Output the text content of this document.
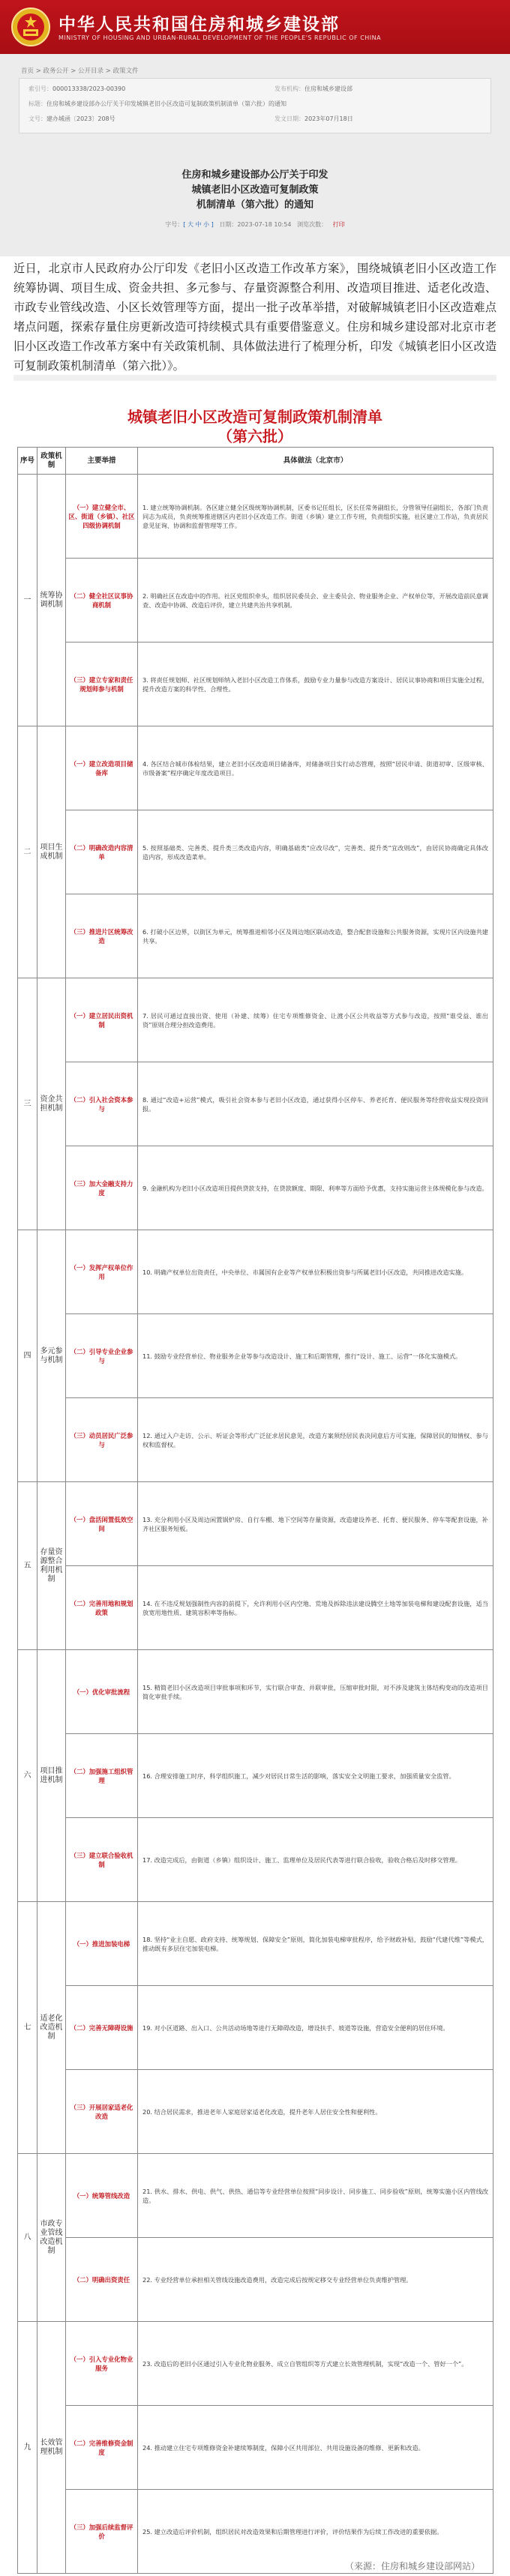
中华人民共和国住房和城乡建设部
MINISTRY OF HOUSING AND URBAN-RURAL DEVELOPMENT OF THE PEOPLE'S REPUBLIC OF CHINA
首页 > 政务公开 > 公开目录 > 政策文件
索引号：000013338/2023-00390	发布机构：住房和城乡建设部
标题：住房和城乡建设部办公厅关于印发城镇老旧小区改造可复制政策机制清单（第六批）的通知
文号：建办城函〔2023〕208号	发文日期：2023年07月18日
住房和城乡建设部办公厅关于印发
城镇老旧小区改造可复制政策
机制清单（第六批）的通知
字号：[ 大 中 小 ] 日期：2023-07-18 10:54 浏览次数： 打印

近日，北京市人民政府办公厅印发《老旧小区改造工作改革方案》，围绕城镇老旧小区改造工作统筹协调、项目生成、资金共担、多元参与、存量资源整合利用、改造项目推进、适老化改造、市政专业管线改造、小区长效管理等方面，提出一批子改革举措，对破解城镇老旧小区改造难点堵点问题，探索存量住房更新改造可持续模式具有重要借鉴意义。住房和城乡建设部对北京市老旧小区改造工作改革方案中有关政策机制、具体做法进行了梳理分析，印发《城镇老旧小区改造可复制政策机制清单（第六批）》。

城镇老旧小区改造可复制政策机制清单
（第六批）
序号	政策机制	主要举措	具体做法（北京市）
一	统筹协调机制	（一）建立健全市、区、街道（乡镇）、社区四级协调机制	1. 建立统筹协调机制。各区建立健全区级统筹协调机制，区委书记任组长，区长任常务副组长，分管领导任副组长，各部门负责同志为成员，负责统筹推进辖区内老旧小区改造工作。街道（乡镇）建立工作专班，负责组织实施，社区建立工作站，负责居民意见征询、协调和监督管理等工作。
		（二）健全社区议事协商机制	2. 明确社区在改造中的作用。社区党组织牵头，组织居民委员会、业主委员会、物业服务企业、产权单位等，开展改造前民意调查、改造中协调、改造后评价，建立共建共治共享机制。
		（三）建立专家和责任规划师参与机制	3. 将责任规划师、社区规划师纳入老旧小区改造工作体系，鼓励专业力量参与改造方案设计、居民议事协商和项目实施全过程，提升改造方案的科学性、合理性。
二	项目生成机制	（一）建立改造项目储备库	4. 各区结合城市体检结果，建立老旧小区改造项目储备库，对储备项目实行动态管理，按照“居民申请、街道初审、区级审核、市级备案”程序确定年度改造项目。
		（二）明确改造内容清单	5. 按照基础类、完善类、提升类三类改造内容，明确基础类“应改尽改”，完善类、提升类“宜改则改”，由居民协商确定具体改造内容，形成改造菜单。
		（三）推进片区统筹改造	6. 打破小区边界，以街区为单元，统筹推进相邻小区及周边地区联动改造，整合配套设施和公共服务资源，实现片区内设施共建共享。
三	资金共担机制	（一）建立居民出资机制	7. 居民可通过直接出资、使用（补建、续筹）住宅专项维修资金、让渡小区公共收益等方式参与改造，按照“谁受益、谁出资”原则合理分担改造费用。
		（二）引入社会资本参与	8. 通过“改造+运营”模式，吸引社会资本参与老旧小区改造，通过获得小区停车、养老托育、便民服务等经营收益实现投资回报。
		（三）加大金融支持力度	9. 金融机构为老旧小区改造项目提供贷款支持，在贷款额度、期限、利率等方面给予优惠，支持实施运营主体规模化参与改造。
四	多元参与机制	（一）发挥产权单位作用	10. 明确产权单位出资责任，中央单位、市属国有企业等产权单位积极出资参与所属老旧小区改造，共同推进改造实施。
		（二）引导专业企业参与	11. 鼓励专业经营单位、物业服务企业等参与改造设计、施工和后期管理，推行“设计、施工、运营”一体化实施模式。
		（三）动员居民广泛参与	12. 通过入户走访、公示、听证会等形式广泛征求居民意见，改造方案须经居民表决同意后方可实施，保障居民的知情权、参与权和监督权。
五	存量资源整合利用机制	（一）盘活闲置低效空间	13. 充分利用小区及周边闲置锅炉房、自行车棚、地下空间等存量资源，改造建设养老、托育、便民服务、停车等配套设施，补齐社区服务短板。
		（二）完善用地和规划政策	14. 在不违反规划强制性内容的前提下，允许利用小区内空地、荒地及拆除违法建设腾空土地等加装电梯和建设配套设施，适当放宽用地性质、建筑容积率等指标。
六	项目推进机制	（一）优化审批流程	15. 精简老旧小区改造项目审批事项和环节，实行联合审查、并联审批，压缩审批时限，对不涉及建筑主体结构变动的改造项目简化审批手续。
		（二）加强施工组织管理	16. 合理安排施工时序，科学组织施工，减少对居民日常生活的影响，落实安全文明施工要求，加强质量安全监管。
		（三）建立联合验收机制	17. 改造完成后，由街道（乡镇）组织设计、施工、监理单位及居民代表等进行联合验收，验收合格后及时移交管理。
七	适老化改造机制	（一）推进加装电梯	18. 坚持“业主自愿、政府支持、统筹规划、保障安全”原则，简化加装电梯审批程序，给予财政补贴，鼓励“代建代维”等模式，推动既有多层住宅加装电梯。
		（二）完善无障碍设施	19. 对小区道路、出入口、公共活动场地等进行无障碍改造，增设扶手、坡道等设施，营造安全便利的居住环境。
		（三）开展居家适老化改造	20. 结合居民需求，推进老年人家庭居家适老化改造，提升老年人居住安全性和便利性。
八	市政专业管线改造机制	（一）统筹管线改造	21. 供水、排水、供电、供气、供热、通信等专业经营单位按照“同步设计、同步施工、同步验收”原则，统筹实施小区内管线改造。
		（二）明确出资责任	22. 专业经营单位承担相关管线设施改造费用，改造完成后按规定移交专业经营单位负责维护管理。
九	长效管理机制	（一）引入专业化物业服务	23. 改造后的老旧小区通过引入专业化物业服务、成立自管组织等方式建立长效管理机制，实现“改造一个、管好一个”。
		（二）完善维修资金制度	24. 推动建立住宅专项维修资金补建续筹制度，保障小区共用部位、共用设施设备的维修、更新和改造。
		（三）加强后续监督评价	25. 建立改造后评价机制，组织居民对改造效果和后期管理进行评价，评价结果作为后续工作改进的重要依据。
（来源：住房和城乡建设部网站）
